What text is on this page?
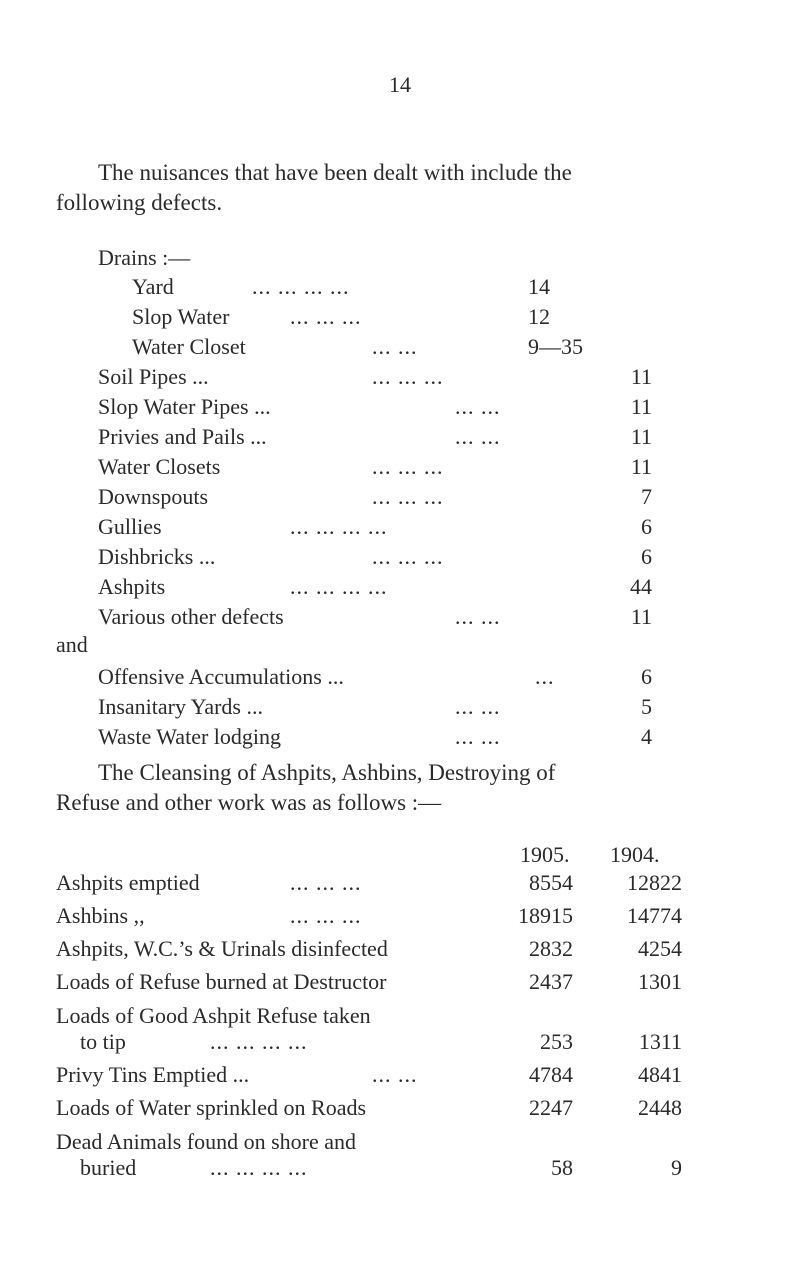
14
The nuisances that have been dealt with include the
following defects.
Drains :—
Yard	... ... ... ...	14
Slop Water	... ... ...	12
Water Closet	... ...	9—35
Soil Pipes ...	... ... ...	11
Slop Water Pipes ...	... ...	11
Privies and Pails ...	... ...	11
Water Closets	... ... ...	11
Downspouts	... ... ...	7
Gullies	... ... ... ...	6
Dishbricks ...	... ... ...	6
Ashpits	... ... ... ...	44
Various other defects	... ...	11
and
Offensive Accumulations ...	...	6
Insanitary Yards ...	... ...	5
Waste Water lodging	... ...	4
The Cleansing of Ashpits, Ashbins, Destroying of
Refuse and other work was as follows :—
1905. 1904.
Ashpits emptied	... ... ...	8554	12822
Ashbins ,,	... ... ...	18915	14774
Ashpits, W.C.’s & Urinals disinfected	2832	4254
Loads of Refuse burned at Destructor	2437	1301
Loads of Good Ashpit Refuse taken
to tip	... ... ... ...	253	1311
Privy Tins Emptied ...	... ...	4784	4841
Loads of Water sprinkled on Roads	2247	2448
Dead Animals found on shore and
buried	... ... ... ...	58	9
